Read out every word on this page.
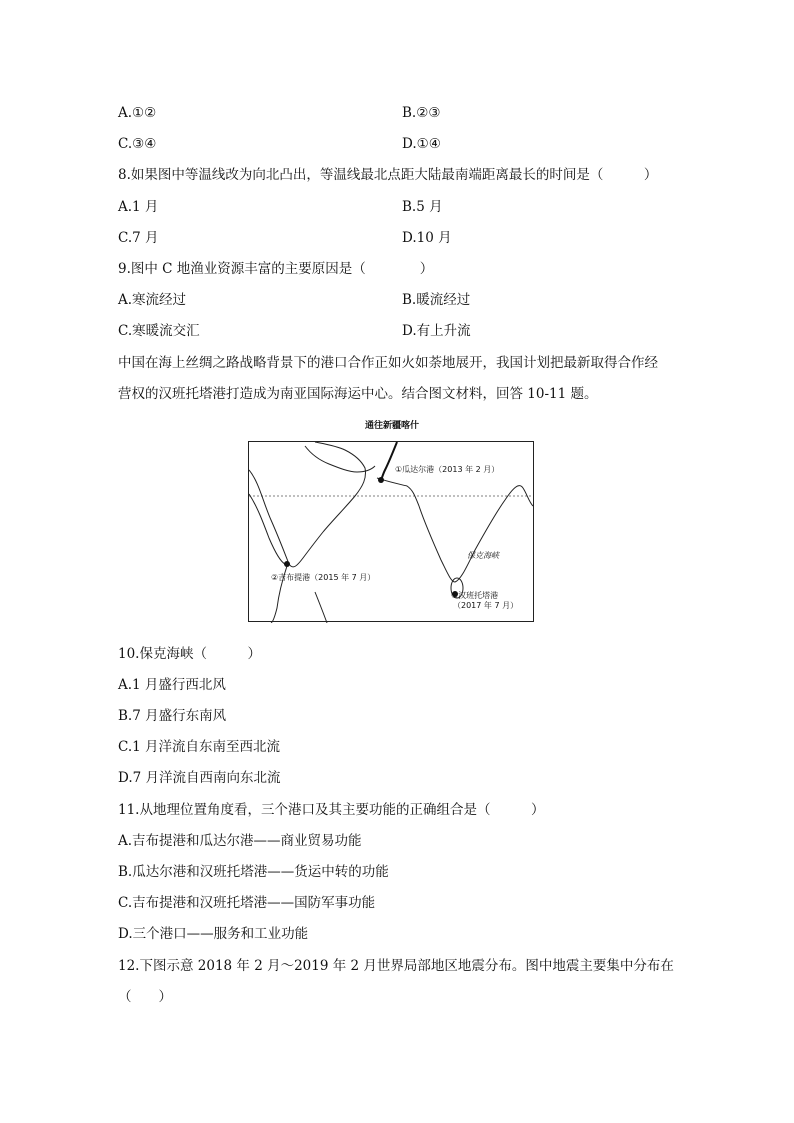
A.①②	B.②③
C.③④	D.①④
8.如果图中等温线改为向北凸出，等温线最北点距大陆最南端距离最长的时间是（　　　）
A.1 月	B.5 月
C.7 月	D.10 月
9.图中 C 地渔业资源丰富的主要原因是（　　　　）
A.寒流经过	B.暖流经过
C.寒暖流交汇	D.有上升流
中国在海上丝绸之路战略背景下的港口合作正如火如荼地展开，我国计划把最新取得合作经
营权的汉班托塔港打造成为南亚国际海运中心。结合图文材料，回答 10-11 题。
通往新疆喀什
①瓜达尔港（2013 年 2 月）
②吉布提港（2015 年 7 月）
保克海峡
③汉班托塔港
（2017 年 7 月）
10.保克海峡（　　　）
A.1 月盛行西北风
B.7 月盛行东南风
C.1 月洋流自东南至西北流
D.7 月洋流自西南向东北流
11.从地理位置角度看，三个港口及其主要功能的正确组合是（　　　）
A.吉布提港和瓜达尔港——商业贸易功能
B.瓜达尔港和汉班托塔港——货运中转的功能
C.吉布提港和汉班托塔港——国防军事功能
D.三个港口——服务和工业功能
12.下图示意 2018 年 2 月～2019 年 2 月世界局部地区地震分布。图中地震主要集中分布在
（　　）
